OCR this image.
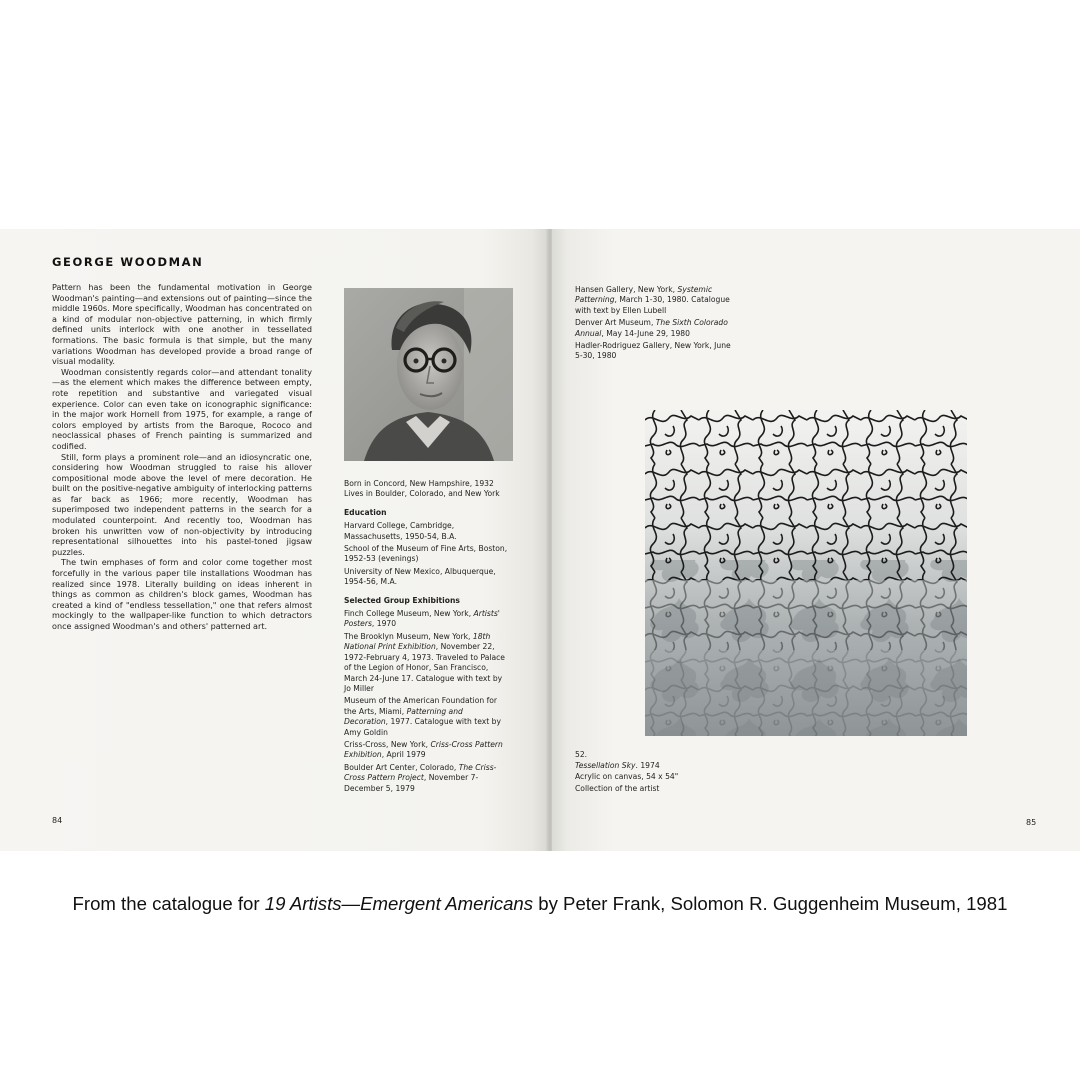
GEORGE WOODMAN

Pattern has been the fundamental motivation in George Woodman's painting—and extensions out of painting—since the middle 1960s. More specifically, Woodman has concentrated on a kind of modular non-objective patterning, in which firmly defined units interlock with one another in tessellated formations. The basic formula is that simple, but the many variations Woodman has developed provide a broad range of visual modality.

Woodman consistently regards color—and attendant tonality—as the element which makes the difference between empty, rote repetition and substantive and variegated visual experience. Color can even take on iconographic significance: in the major work Hornell from 1975, for example, a range of colors employed by artists from the Baroque, Rococo and neoclassical phases of French painting is summarized and codified.

Still, form plays a prominent role—and an idiosyncratic one, considering how Woodman struggled to raise his allover compositional mode above the level of mere decoration. He built on the positive-negative ambiguity of interlocking patterns as far back as 1966; more recently, Woodman has superimposed two independent patterns in the search for a modulated counterpoint. And recently too, Woodman has broken his unwritten vow of non-objectivity by introducing representational silhouettes into his pastel-toned jigsaw puzzles.

The twin emphases of form and color come together most forcefully in the various paper tile installations Woodman has realized since 1978. Literally building on ideas inherent in things as common as children's block games, Woodman has created a kind of "endless tessellation," one that refers almost mockingly to the wallpaper-like function to which detractors once assigned Woodman's and others' patterned art.

Born in Concord, New Hampshire, 1932
Lives in Boulder, Colorado, and New York
Education
Harvard College, Cambridge, Massachusetts, 1950-54, B.A.
School of the Museum of Fine Arts, Boston, 1952-53 (evenings)
University of New Mexico, Albuquerque, 1954-56, M.A.
Selected Group Exhibitions
Finch College Museum, New York, Artists' Posters, 1970
The Brooklyn Museum, New York, 18th National Print Exhibition, November 22, 1972-February 4, 1973. Traveled to Palace of the Legion of Honor, San Francisco, March 24-June 17. Catalogue with text by Jo Miller
Museum of the American Foundation for the Arts, Miami, Patterning and Decoration, 1977. Catalogue with text by Amy Goldin
Criss-Cross, New York, Criss-Cross Pattern Exhibition, April 1979
Boulder Art Center, Colorado, The Criss-Cross Pattern Project, November 7-December 5, 1979
84	85
Hansen Gallery, New York, Systemic Patterning, March 1-30, 1980. Catalogue with text by Ellen Lubell
Denver Art Museum, The Sixth Colorado Annual, May 14-June 29, 1980
Hadler-Rodriguez Gallery, New York, June 5-30, 1980
52.
Tessellation Sky. 1974
Acrylic on canvas, 54 x 54"
Collection of the artist
From the catalogue for 19 Artists—Emergent Americans by Peter Frank, Solomon R. Guggenheim Museum, 1981
